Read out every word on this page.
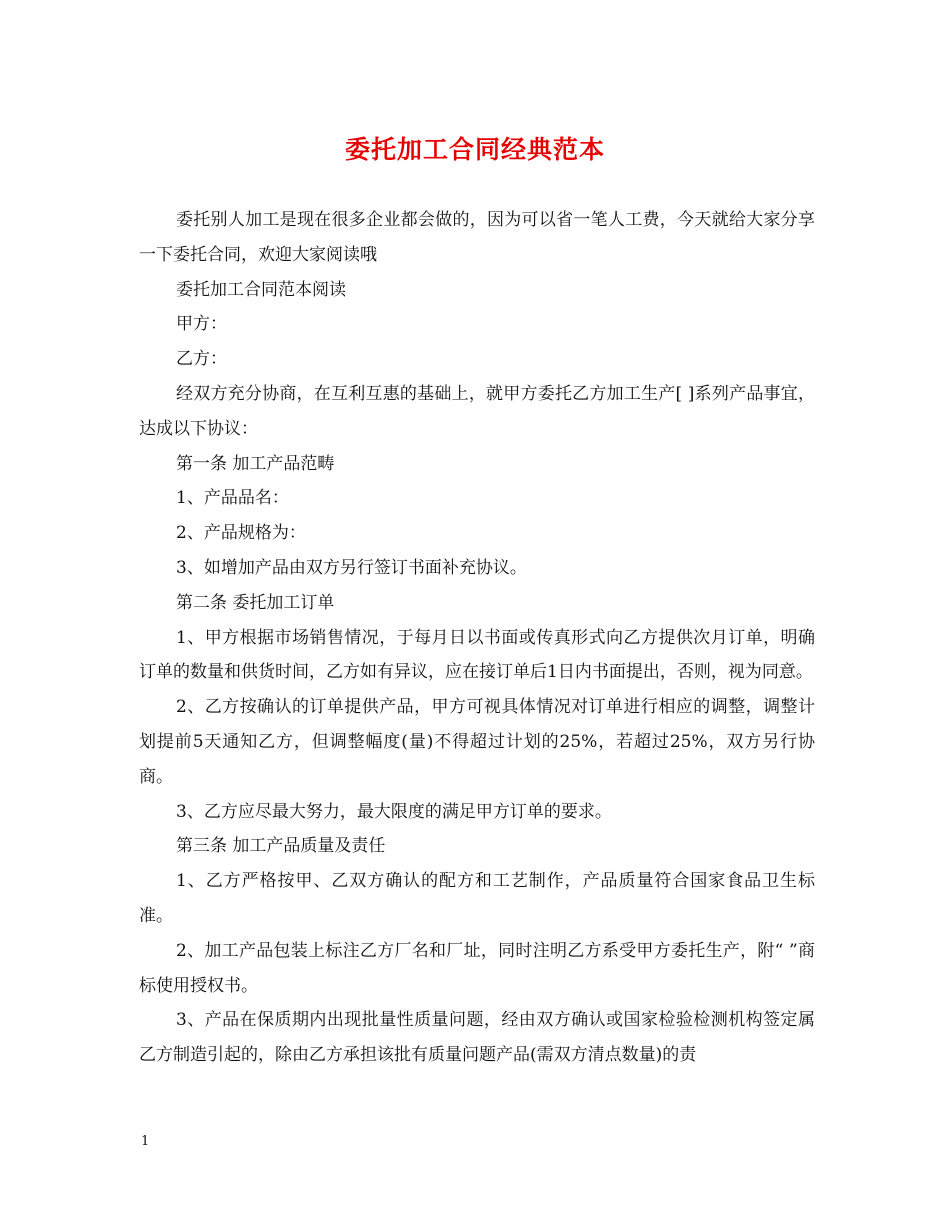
委托加工合同经典范本

委托别人加工是现在很多企业都会做的，因为可以省一笔人工费，今天就给大家分享一下委托合同，欢迎大家阅读哦

委托加工合同范本阅读

甲方：

乙方：

经双方充分协商，在互利互惠的基础上，就甲方委托乙方加工生产[ ]系列产品事宜，达成以下协议：

第一条 加工产品范畴

1、产品品名：

2、产品规格为：

3、如增加产品由双方另行签订书面补充协议。

第二条 委托加工订单

1、甲方根据市场销售情况，于每月日以书面或传真形式向乙方提供次月订单，明确订单的数量和供货时间，乙方如有异议，应在接订单后1日内书面提出，否则，视为同意。

2、乙方按确认的订单提供产品，甲方可视具体情况对订单进行相应的调整，调整计划提前5天通知乙方，但调整幅度(量)不得超过计划的25%，若超过25%，双方另行协商。

3、乙方应尽最大努力，最大限度的满足甲方订单的要求。

第三条 加工产品质量及责任

1、乙方严格按甲、乙双方确认的配方和工艺制作，产品质量符合国家食品卫生标准。

2、加工产品包装上标注乙方厂名和厂址，同时注明乙方系受甲方委托生产，附“ ”商标使用授权书。

3、产品在保质期内出现批量性质量问题，经由双方确认或国家检验检测机构签定属乙方制造引起的，除由乙方承担该批有质量问题产品(需双方清点数量)的责

1
